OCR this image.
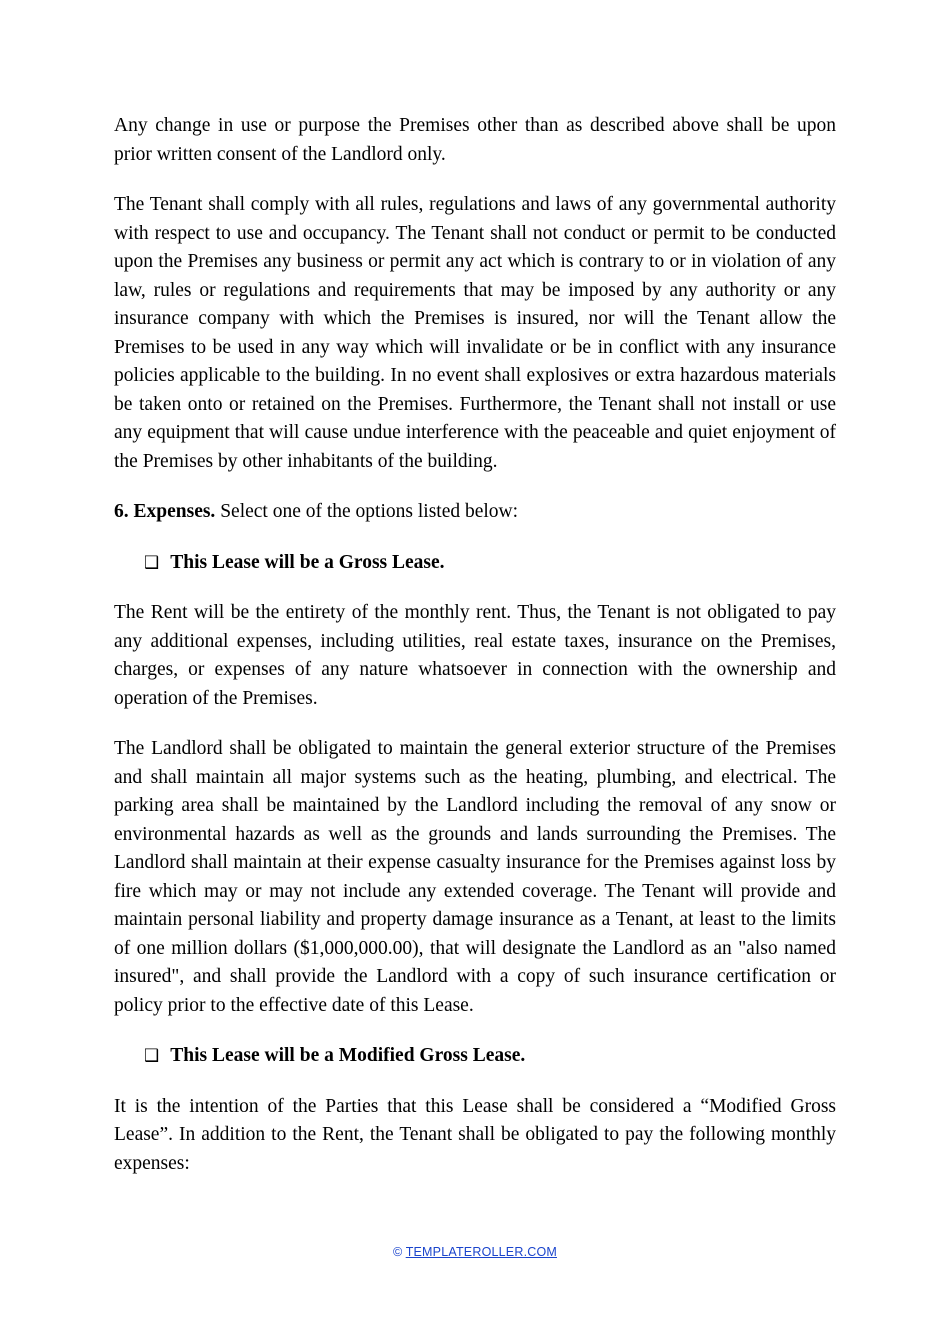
Any change in use or purpose the Premises other than as described above shall be upon prior written consent of the Landlord only.

The Tenant shall comply with all rules, regulations and laws of any governmental authority with respect to use and occupancy. The Tenant shall not conduct or permit to be conducted upon the Premises any business or permit any act which is contrary to or in violation of any law, rules or regulations and requirements that may be imposed by any authority or any insurance company with which the Premises is insured, nor will the Tenant allow the Premises to be used in any way which will invalidate or be in conflict with any insurance policies applicable to the building. In no event shall explosives or extra hazardous materials be taken onto or retained on the Premises. Furthermore, the Tenant shall not install or use any equipment that will cause undue interference with the peaceable and quiet enjoyment of the Premises by other inhabitants of the building.

6. Expenses. Select one of the options listed below:

❑ This Lease will be a Gross Lease.

The Rent will be the entirety of the monthly rent. Thus, the Tenant is not obligated to pay any additional expenses, including utilities, real estate taxes, insurance on the Premises, charges, or expenses of any nature whatsoever in connection with the ownership and operation of the Premises.

The Landlord shall be obligated to maintain the general exterior structure of the Premises and shall maintain all major systems such as the heating, plumbing, and electrical. The parking area shall be maintained by the Landlord including the removal of any snow or environmental hazards as well as the grounds and lands surrounding the Premises. The Landlord shall maintain at their expense casualty insurance for the Premises against loss by fire which may or may not include any extended coverage. The Tenant will provide and maintain personal liability and property damage insurance as a Tenant, at least to the limits of one million dollars ($1,000,000.00), that will designate the Landlord as an "also named insured", and shall provide the Landlord with a copy of such insurance certification or policy prior to the effective date of this Lease.

❑ This Lease will be a Modified Gross Lease.

It is the intention of the Parties that this Lease shall be considered a “Modified Gross Lease”. In addition to the Rent, the Tenant shall be obligated to pay the following monthly expenses:

© TEMPLATEROLLER.COM
